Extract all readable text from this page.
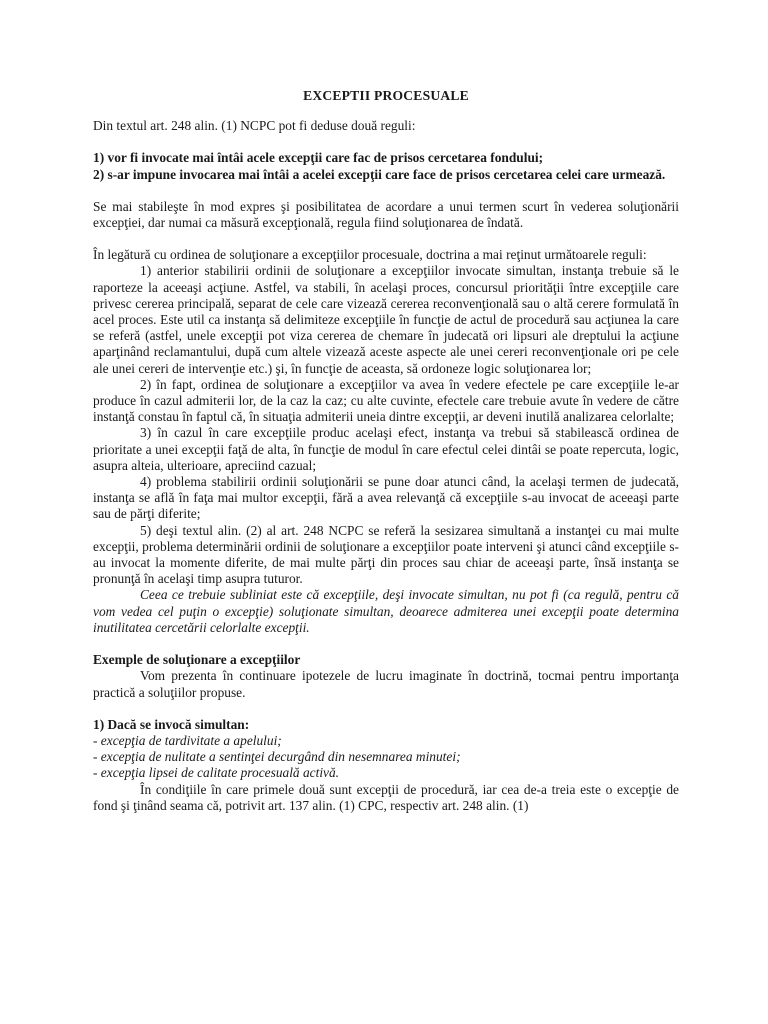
EXCEPTII PROCESUALE

Din textul art. 248 alin. (1) NCPC pot fi deduse două reguli:

1) vor fi invocate mai întâi acele excepţii care fac de prisos cercetarea fondului;

2) s-ar impune invocarea mai întâi a acelei excepţii care face de prisos cercetarea celei care urmează.

Se mai stabileşte în mod expres şi posibilitatea de acordare a unui termen scurt în vederea soluţionării excepţiei, dar numai ca măsură excepţională, regula fiind soluţionarea de îndată.

În legătură cu ordinea de soluţionare a excepţiilor procesuale, doctrina a mai reţinut următoarele reguli:

1) anterior stabilirii ordinii de soluţionare a excepţiilor invocate simultan, instanţa trebuie să le raporteze la aceeaşi acţiune. Astfel, va stabili, în acelaşi proces, concursul priorităţii între excepţiile care privesc cererea principală, separat de cele care vizează cererea reconvenţională sau o altă cerere formulată în acel proces. Este util ca instanţa să delimiteze excepţiile în funcţie de actul de procedură sau acţiunea la care se referă (astfel, unele excepţii pot viza cererea de chemare în judecată ori lipsuri ale dreptului la acţiune aparţinând reclamantului, după cum altele vizează aceste aspecte ale unei cereri reconvenţionale ori pe cele ale unei cereri de intervenţie etc.) şi, în funcţie de aceasta, să ordoneze logic soluţionarea lor;

2) în fapt, ordinea de soluţionare a excepţiilor va avea în vedere efectele pe care excepţiile le-ar produce în cazul admiterii lor, de la caz la caz; cu alte cuvinte, efectele care trebuie avute în vedere de către instanţă constau în faptul că, în situaţia admiterii uneia dintre excepţii, ar deveni inutilă analizarea celorlalte;

3) în cazul în care excepţiile produc acelaşi efect, instanţa va trebui să stabilească ordinea de prioritate a unei excepţii faţă de alta, în funcţie de modul în care efectul celei dintâi se poate repercuta, logic, asupra alteia, ulterioare, apreciind cazual;

4) problema stabilirii ordinii soluţionării se pune doar atunci când, la acelaşi termen de judecată, instanţa se află în faţa mai multor excepţii, fără a avea relevanţă că excepţiile s-au invocat de aceeaşi parte sau de părţi diferite;

5) deşi textul alin. (2) al art. 248 NCPC se referă la sesizarea simultană a instanţei cu mai multe excepţii, problema determinării ordinii de soluţionare a excepţiilor poate interveni şi atunci când excepţiile s-au invocat la momente diferite, de mai multe părţi din proces sau chiar de aceeaşi parte, însă instanţa se pronunţă în acelaşi timp asupra tuturor.

Ceea ce trebuie subliniat este că excepţiile, deşi invocate simultan, nu pot fi (ca regulă, pentru că vom vedea cel puţin o excepţie) soluţionate simultan, deoarece admiterea unei excepţii poate determina inutilitatea cercetării celorlalte excepţii.

Exemple de soluţionare a excepţiilor

Vom prezenta în continuare ipotezele de lucru imaginate în doctrină, tocmai pentru importanţa practică a soluţiilor propuse.

1) Dacă se invocă simultan:

- excepţia de tardivitate a apelului;

- excepţia de nulitate a sentinţei decurgând din nesemnarea minutei;

- excepţia lipsei de calitate procesuală activă.

În condiţiile în care primele două sunt excepţii de procedură, iar cea de-a treia este o excepţie de fond şi ţinând seama că, potrivit art. 137 alin. (1) CPC, respectiv art. 248 alin. (1)
